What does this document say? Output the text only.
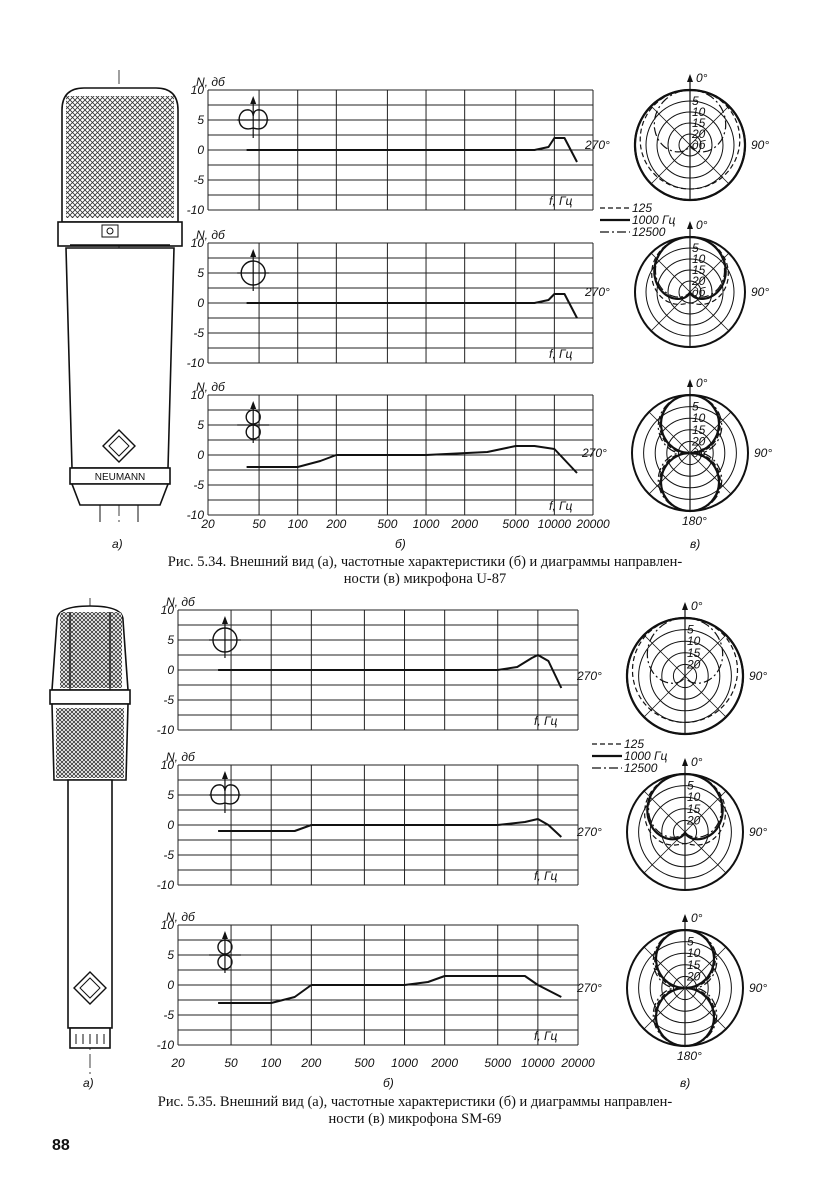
NEUMANN
10
5
0
-5
-10
N, дб
f, Гц
10
5
0
-5
-10
N, дб
f, Гц
10
5
0
-5
-10
N, дб
f, Гц
20	50 100 200	500 1000 2000 5000 10000 20000
10
5
0
-5
-10
N, дб
f, Гц
10
5
0
-5
-10
N, дб
f, Гц
10
5
0
-5
-10
N, дб
f, Гц
20	50 100 200	500 1000 2000 5000 10000 20000
5
10
15
20
дб
0°
90°
270°
5
10
15
20
дб
0°
90°
270°
5
10
15
20
дб
0°
90°
270°
180°
5
10
15
20
0°
90°
270°
5
10
15
20
0°
90°
270°
5
10
15
20
0°
90°
270°
180°
125
1000 Гц
12500
125
1000 Гц
12500
а)	б)	в)
а)	б)	в)
Рис. 5.34. Внешний вид (а), частотные характеристики (б) и диаграммы направлен-
ности (в) микрофона U-87
Рис. 5.35. Внешний вид (а), частотные характеристики (б) и диаграммы направлен-
ности (в) микрофона SM-69
88
